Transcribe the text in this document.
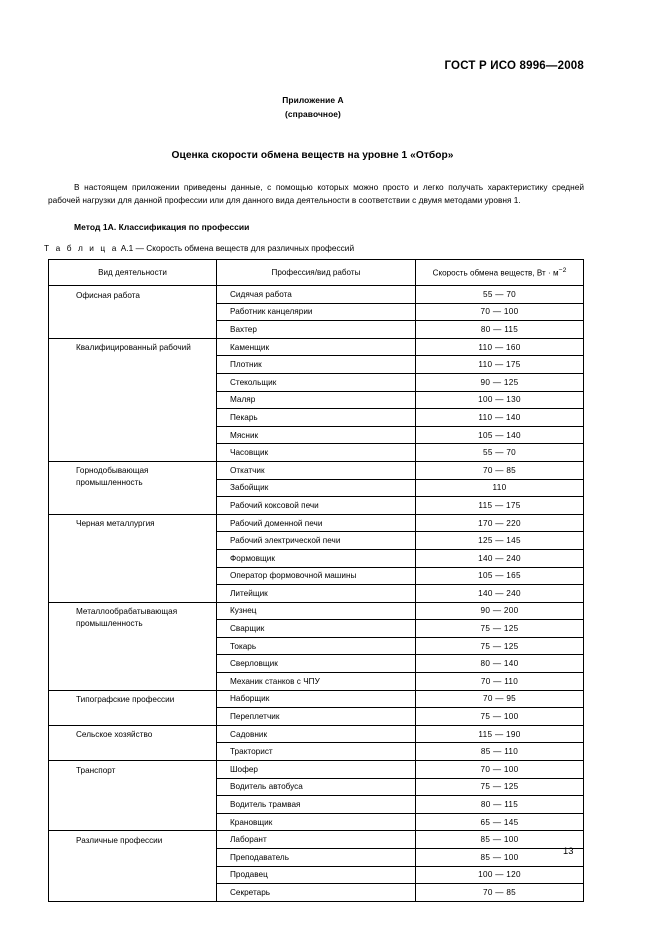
ГОСТ Р ИСО 8996—2008
Приложение А
(справочное)
Оценка скорости обмена веществ на уровне 1 «Отбор»
В настоящем приложении приведены данные, с помощью которых можно просто и легко получать характеристику средней рабочей нагрузки для данной профессии или для данного вида деятельности в соответствии с двумя методами уровня 1.
Метод 1А. Классификация по профессии
Т а б л и ц а А.1 — Скорость обмена веществ для различных профессий
Вид деятельности	Профессия/вид работы	Скорость обмена веществ, Вт · $м^{-2}$
Офисная работа	Сидячая работа	55 — 70
	Работник канцелярии	70 — 100
	Вахтер	80 — 115
Квалифицированный рабочий	Каменщик	110 — 160
	Плотник	110 — 175
	Стекольщик	90 — 125
	Маляр	100 — 130
	Пекарь	110 — 140
	Мясник	105 — 140
	Часовщик	55 — 70
Горнодобывающая промышленность	Откатчик	70 — 85
	Забойщик	110
	Рабочий коксовой печи	115 — 175
Черная металлургия	Рабочий доменной печи	170 — 220
	Рабочий электрической печи	125 — 145
	Формовщик	140 — 240
	Оператор формовочной машины	105 — 165
	Литейщик	140 — 240
Металлообрабатывающая промышленность	Кузнец	90 — 200
	Сварщик	75 — 125
	Токарь	75 — 125
	Сверловщик	80 — 140
	Механик станков с ЧПУ	70 — 110
Типографские профессии	Наборщик	70 — 95
	Переплетчик	75 — 100
Сельское хозяйство	Садовник	115 — 190
	Тракторист	85 — 110
Транспорт	Шофер	70 — 100
	Водитель автобуса	75 — 125
	Водитель трамвая	80 — 115
	Крановщик	65 — 145
Различные профессии	Лаборант	85 — 100
	Преподаватель	85 — 100
	Продавец	100 — 120
	Секретарь	70 — 85
13
